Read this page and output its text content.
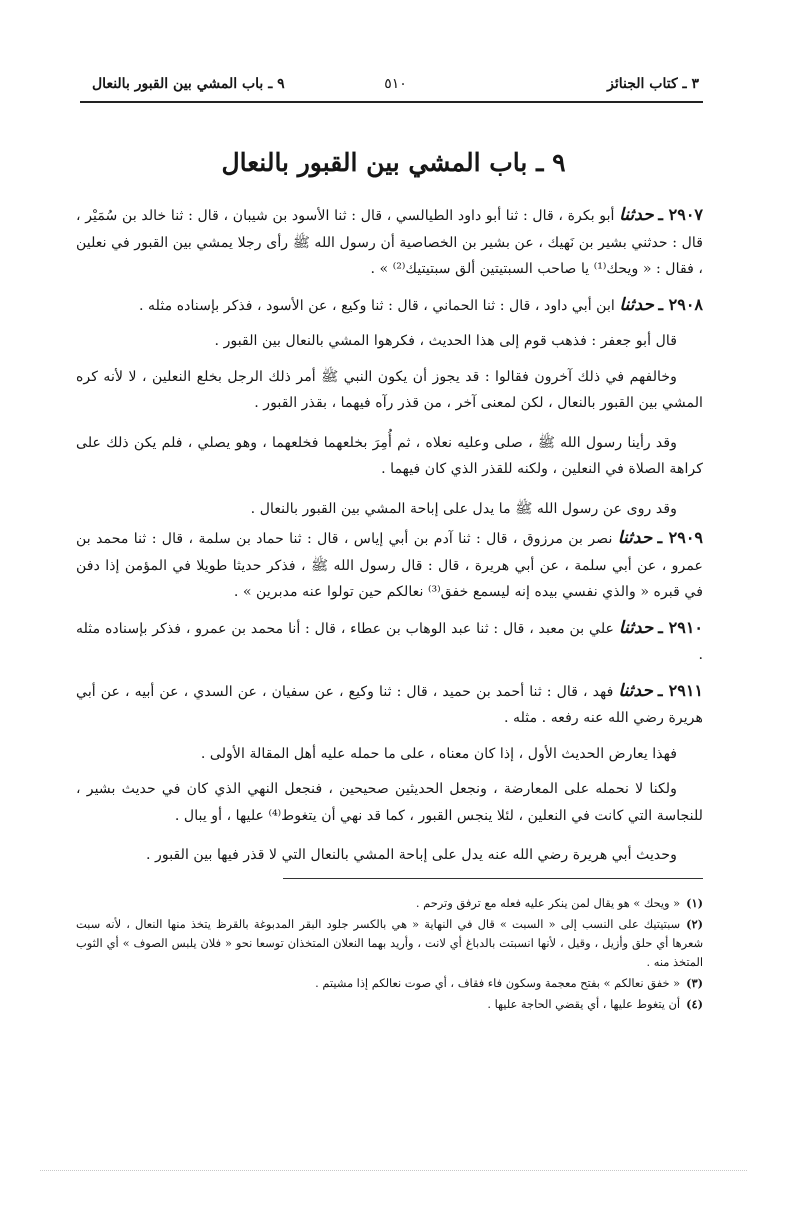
٣ ـ كتاب الجنائز
٥١٠
٩ ـ باب المشي بين القبور بالنعال
٩ ـ باب المشي بين القبور بالنعال

٢٩٠٧ ـ حدثنا أبو بكرة ، قال : ثنا أبو داود الطيالسي ، قال : ثنا الأسود بن شيبان ، قال : ثنا خالد بن سُمَيْر ، قال : حدثني بشير بن نَهيك ، عن بشير بن الخصاصية أن رسول الله ﷺ رأى رجلا يمشي بين القبور في نعلين ، فقال : « ويحك⁽¹⁾ يا صاحب السبتيتين ألق سبتيتيك⁽²⁾ » .

٢٩٠٨ ـ حدثنا ابن أبي داود ، قال : ثنا الحماني ، قال : ثنا وكيع ، عن الأسود ، فذكر بإسناده مثله .

قال أبو جعفر : فذهب قوم إلى هذا الحديث ، فكرهوا المشي بالنعال بين القبور .

وخالفهم في ذلك آخرون فقالوا : قد يجوز أن يكون النبي ﷺ أمر ذلك الرجل بخلع النعلين ، لا لأنه كره المشي بين القبور بالنعال ، لكن لمعنى آخر ، من قذر رآه فيهما ، بقذر القبور .

وقد رأينا رسول الله ﷺ ، صلى وعليه نعلاه ، ثم أُمِرَ بخلعهما فخلعهما ، وهو يصلي ، فلم يكن ذلك على كراهة الصلاة في النعلين ، ولكنه للقذر الذي كان فيهما .

وقد روى عن رسول الله ﷺ ما يدل على إباحة المشي بين القبور بالنعال .

٢٩٠٩ ـ حدثنا نصر بن مرزوق ، قال : ثنا آدم بن أبي إياس ، قال : ثنا حماد بن سلمة ، قال : ثنا محمد بن عمرو ، عن أبي سلمة ، عن أبي هريرة ، قال : قال رسول الله ﷺ ، فذكر حديثا طويلا في المؤمن إذا دفن في قبره « والذي نفسي بيده إنه ليسمع خفق⁽³⁾ نعالكم حين تولوا عنه مدبرين » .

٢٩١٠ ـ حدثنا علي بن معبد ، قال : ثنا عبد الوهاب بن عطاء ، قال : أنا محمد بن عمرو ، فذكر بإسناده مثله .

٢٩١١ ـ حدثنا فهد ، قال : ثنا أحمد بن حميد ، قال : ثنا وكيع ، عن سفيان ، عن السدي ، عن أبيه ، عن أبي هريرة رضي الله عنه رفعه . مثله .

فهذا يعارض الحديث الأول ، إذا كان معناه ، على ما حمله عليه أهل المقالة الأولى .

ولكنا لا نحمله على المعارضة ، ونجعل الحديثين صحيحين ، فنجعل النهي الذي كان في حديث بشير ، للنجاسة التي كانت في النعلين ، لئلا ينجس القبور ، كما قد نهي أن يتغوط⁽⁴⁾ عليها ، أو يبال .

وحديث أبي هريرة رضي الله عنه يدل على إباحة المشي بالنعال التي لا قذر فيها بين القبور .

(١)« ويحك » هو يقال لمن ينكر عليه فعله مع ترفق وترحم .

(٢)سبتيتيك على النسب إلى « السبت » قال في النهاية « هي بالكسر جلود البقر المدبوغة بالقرظ يتخذ منها النعال ، لأنه سبت شعرها أي حلق وأزيل ، وقيل ، لأنها انسبتت بالدباغ أي لانت ، وأريد بهما النعلان المتخذان توسعا نحو « فلان يلبس الصوف » أي الثوب المتخذ منه .

(٣)« خفق نعالكم » بفتح معجمة وسكون فاء فقاف ، أي صوت نعالكم إذا مشيتم .

(٤)أن يتغوط عليها ، أي يقضي الحاجة عليها .
